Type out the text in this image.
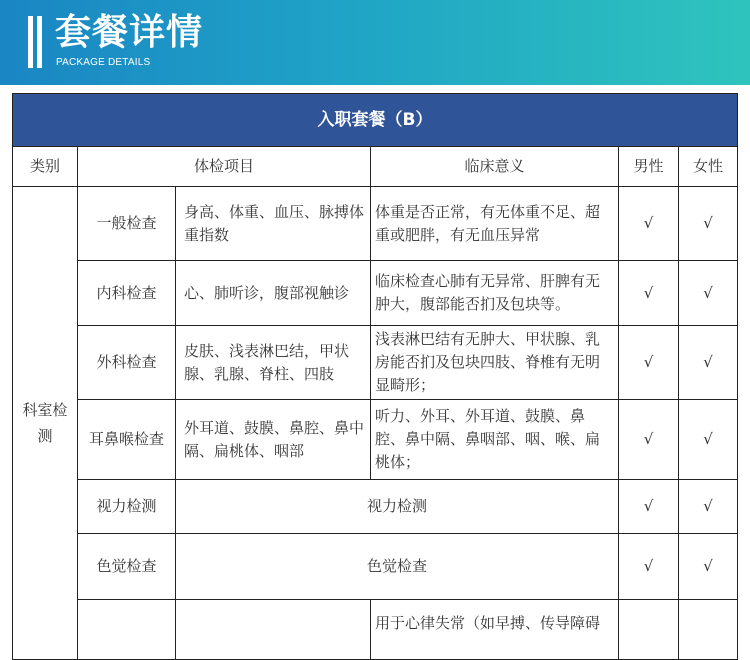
套餐详情
PACKAGE DETAILS
入职套餐（B）					
类别	体检项目		临床意义	男性	女性

科室检测	一般检查	身高、体重、血压、脉搏体重指数	体重是否正常，有无体重不足、超重或肥胖，有无血压异常	√	√
	内科检查	心、肺听诊，腹部视触诊	临床检查心肺有无异常、肝脾有无肿大，腹部能否扪及包块等。	√	√
	外科检查	皮肤、浅表淋巴结，甲状腺、乳腺、脊柱、四肢	浅表淋巴结有无肿大、甲状腺、乳房能否扪及包块四肢、脊椎有无明显畸形；	√	√
	耳鼻喉检查	外耳道、鼓膜、鼻腔、鼻中隔、扁桃体、咽部	听力、外耳、外耳道、鼓膜、鼻腔、鼻中隔、鼻咽部、咽、喉、扁桃体；	√	√
	视力检测	视力检测		√	√
	色觉检查	色觉检查		√	√
			用于心律失常（如早搏、传导障碍		
